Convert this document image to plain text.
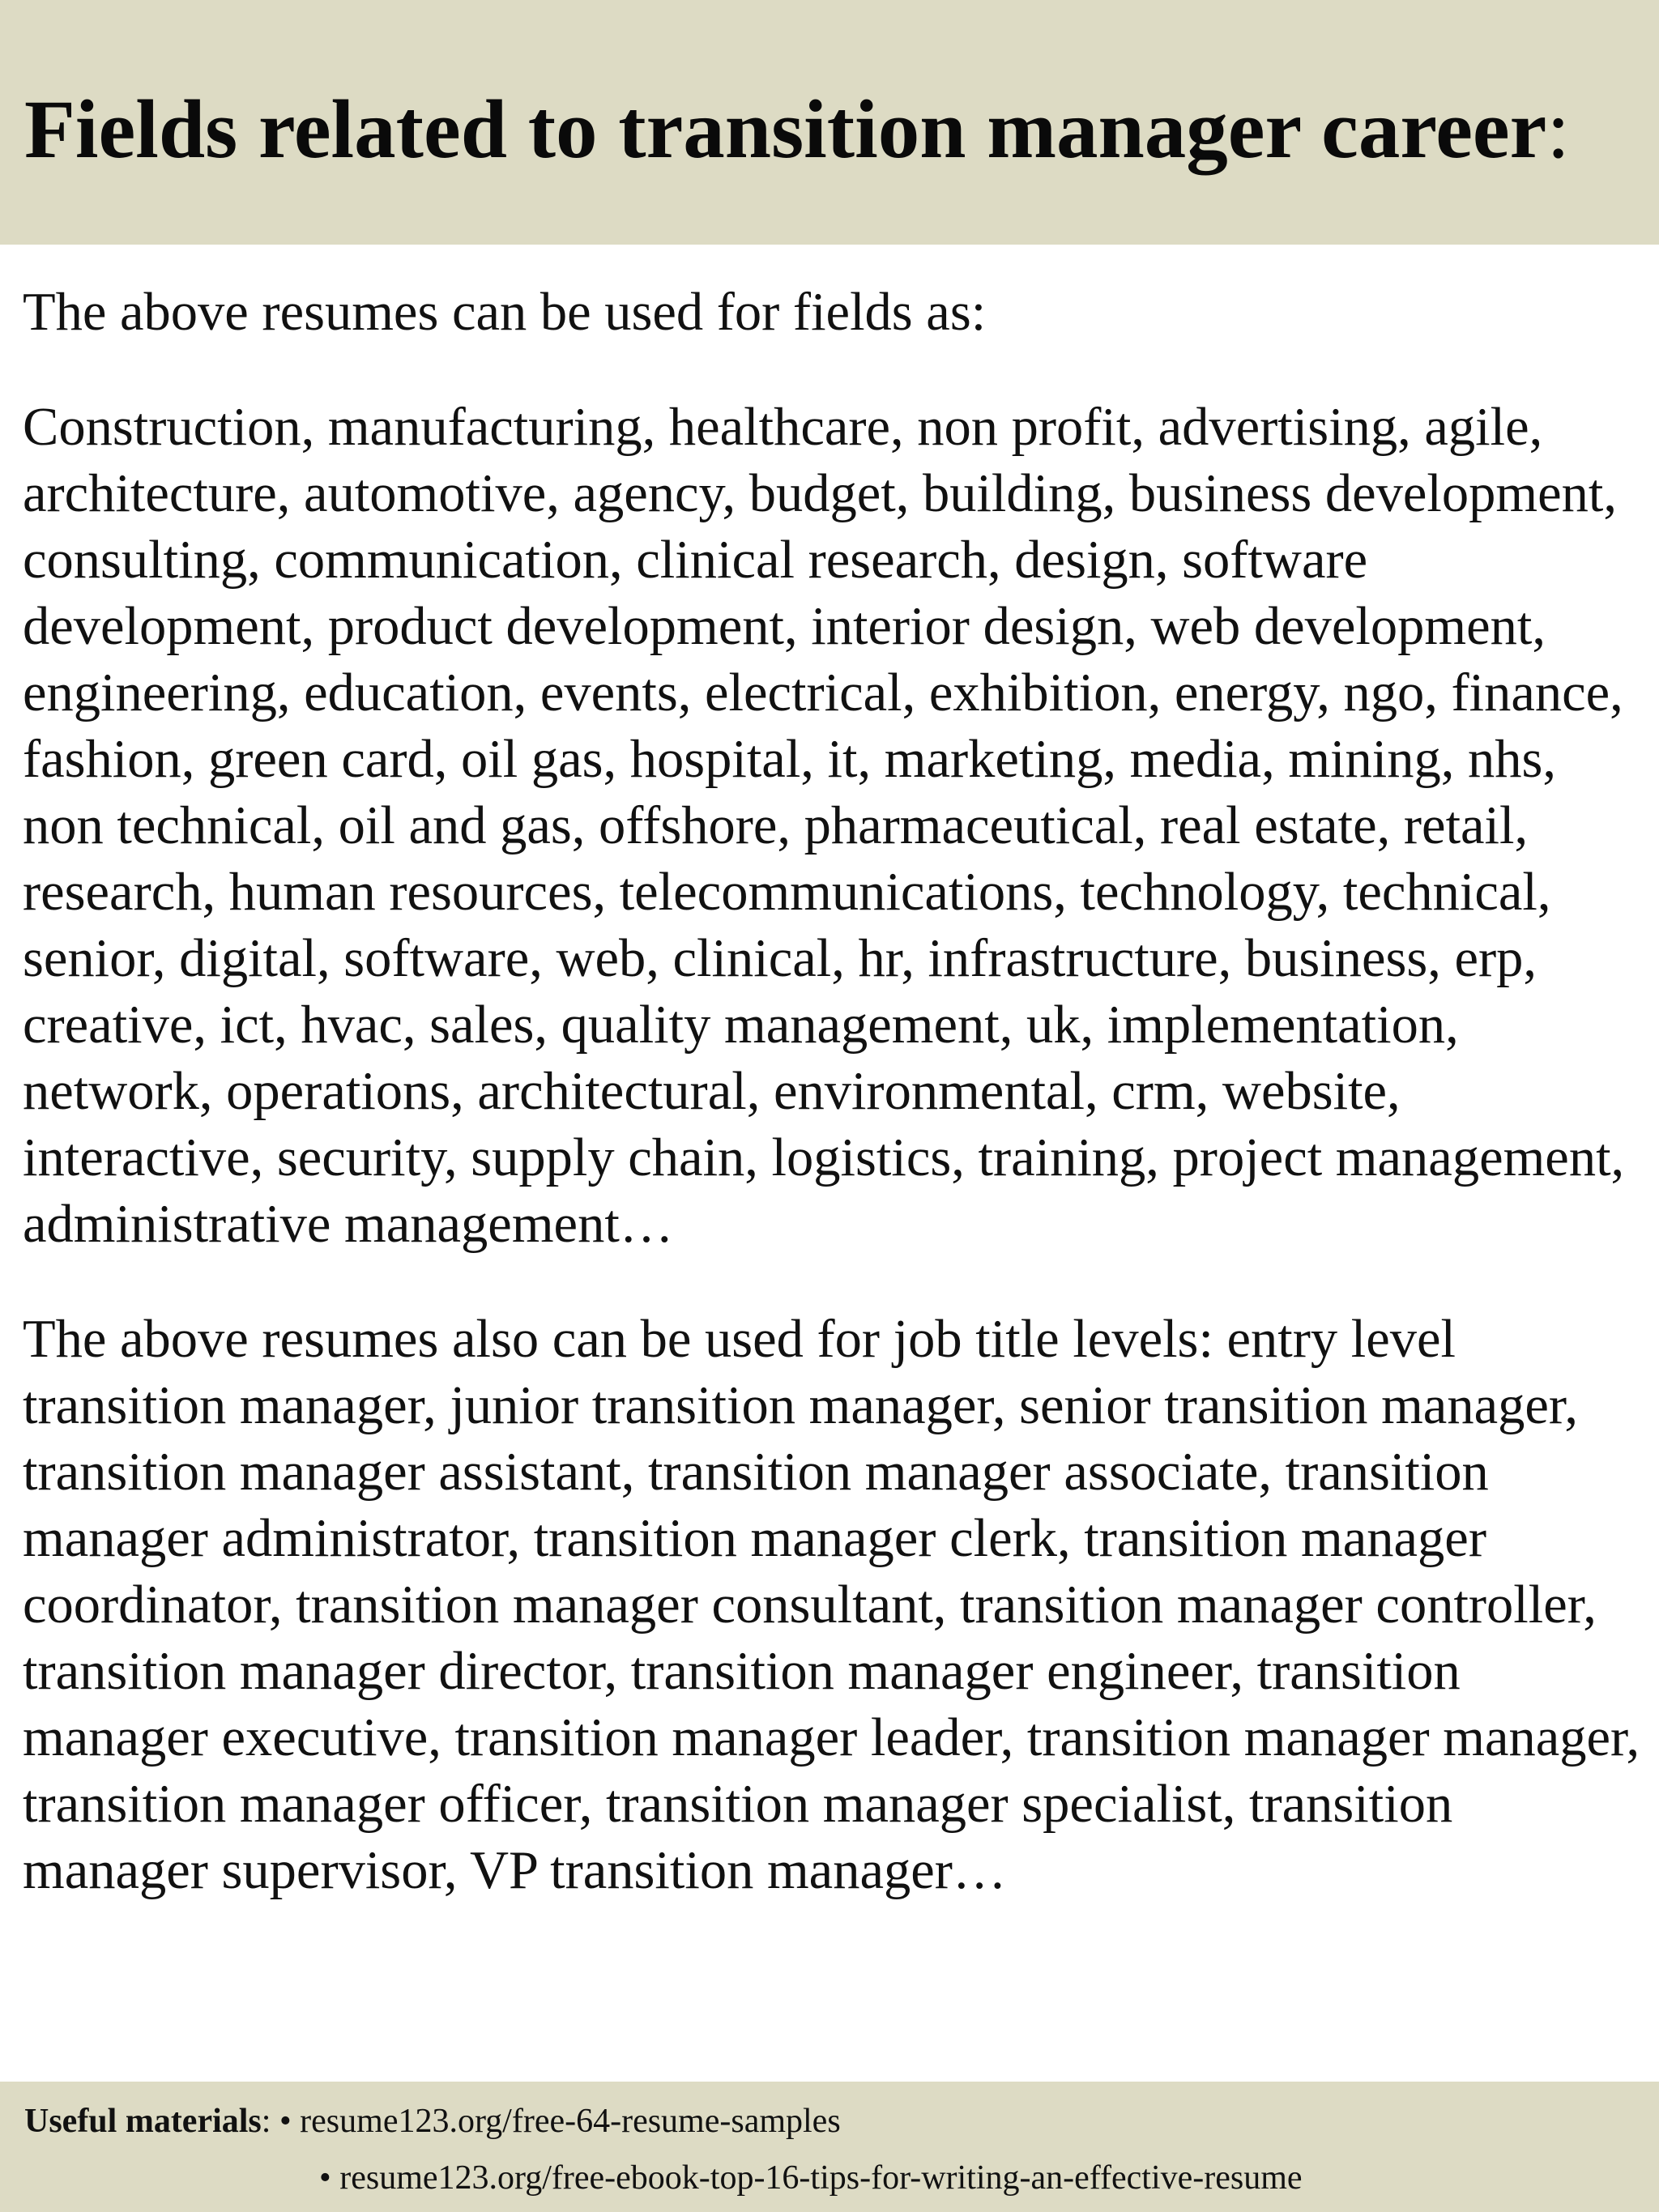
Fields related to transition manager career:

The above resumes can be used for fields as:

Construction, manufacturing, healthcare, non profit, advertising, agile, architecture, automotive, agency, budget, building, business development, consulting, communication, clinical research, design, software development, product development, interior design, web development, engineering, education, events, electrical, exhibition, energy, ngo, finance, fashion, green card, oil gas, hospital, it, marketing, media, mining, nhs, non technical, oil and gas, offshore, pharmaceutical, real estate, retail, research, human resources, telecommunications, technology, technical, senior, digital, software, web, clinical, hr, infrastructure, business, erp, creative, ict, hvac, sales, quality management, uk, implementation, network, operations, architectural, environmental, crm, website, interactive, security, supply chain, logistics, training, project management, administrative management…

The above resumes also can be used for job title levels: entry level transition manager, junior transition manager, senior transition manager, transition manager assistant, transition manager associate, transition manager administrator, transition manager clerk, transition manager coordinator, transition manager consultant, transition manager controller, transition manager director, transition manager engineer, transition manager executive, transition manager leader, transition manager manager, transition manager officer, transition manager specialist, transition manager supervisor, VP transition manager…

Useful materials: • resume123.org/free-64-resume-samples
• resume123.org/free-ebook-top-16-tips-for-writing-an-effective-resume
